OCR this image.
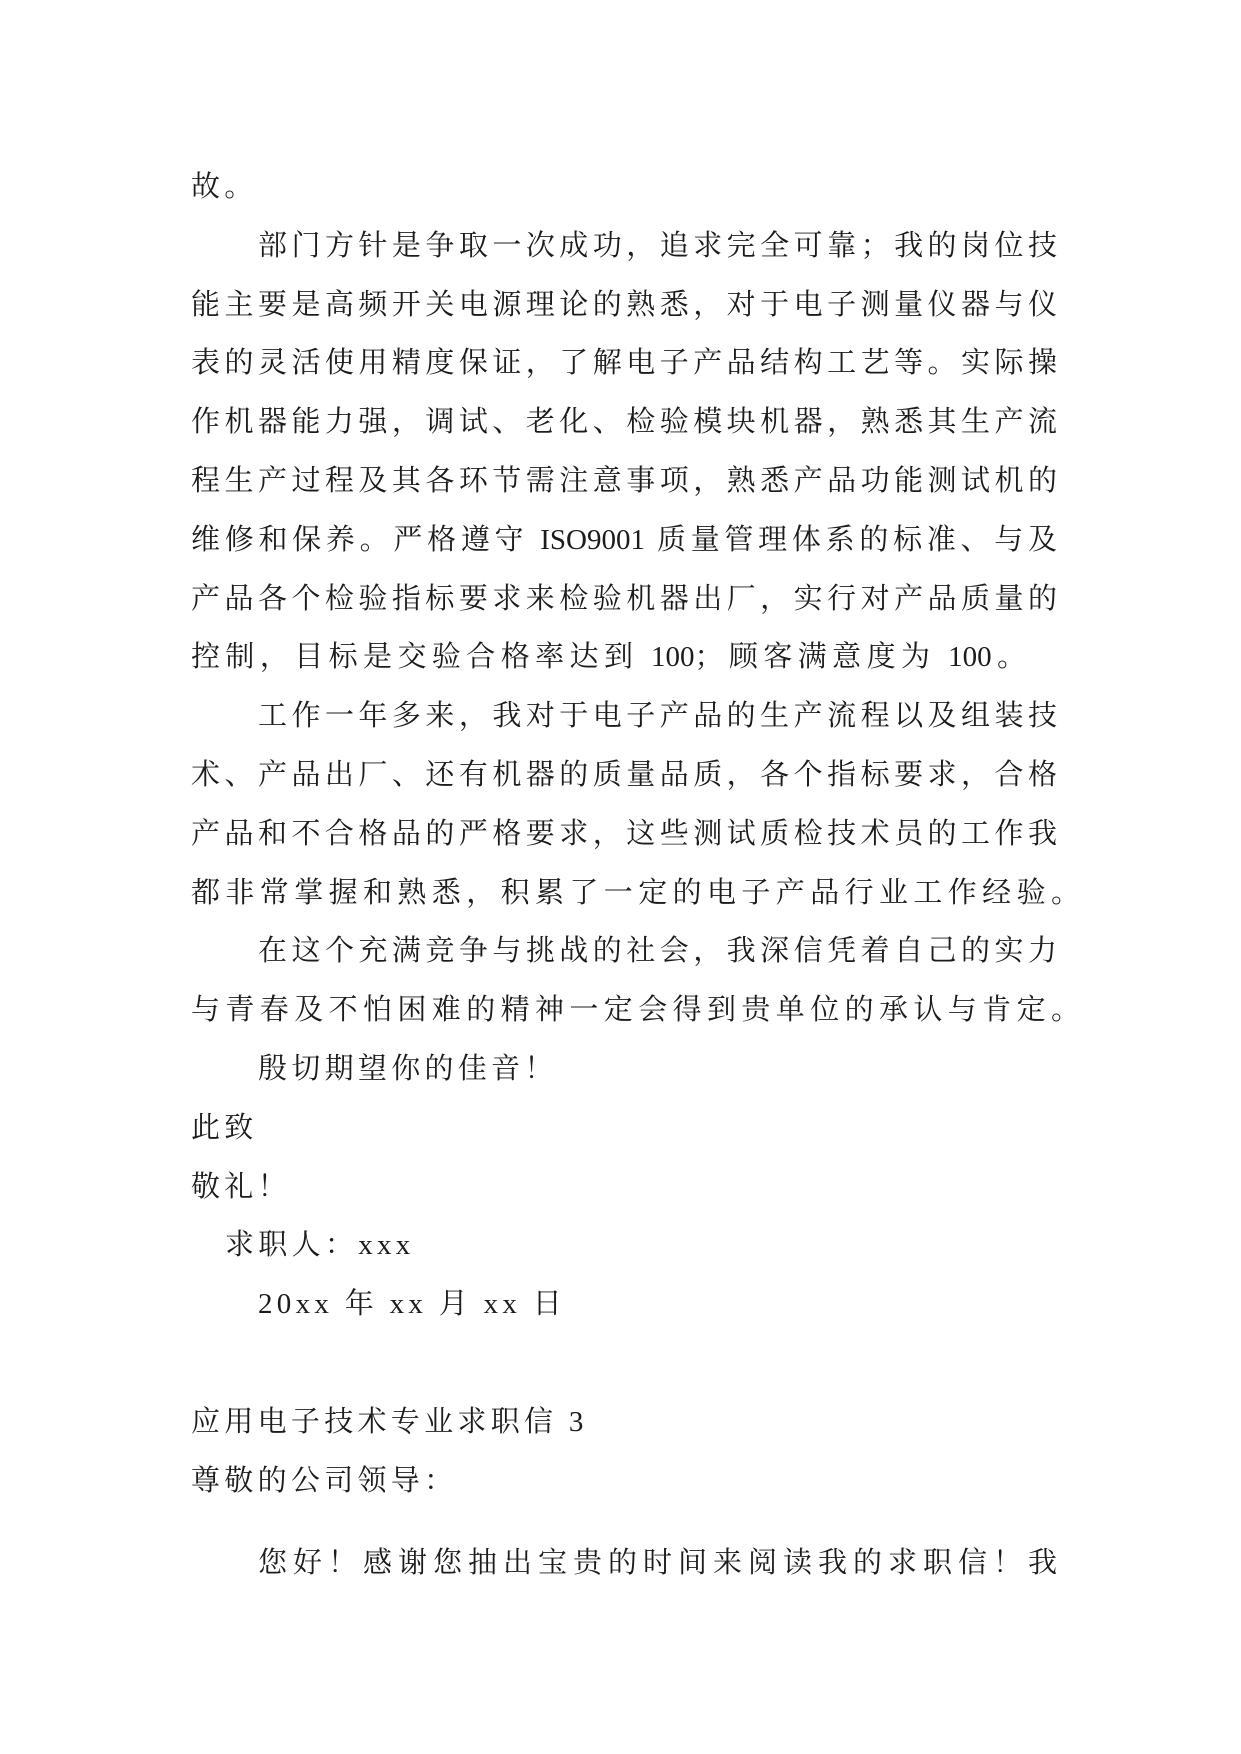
故。
部门方针是争取一次成功，追求完全可靠；我的岗位技
能主要是高频开关电源理论的熟悉，对于电子测量仪器与仪
表的灵活使用精度保证，了解电子产品结构工艺等。实际操
作机器能力强，调试、老化、检验模块机器，熟悉其生产流
程生产过程及其各环节需注意事项，熟悉产品功能测试机的
维修和保养。严格遵守 ISO9001 质量管理体系的标准、与及
产品各个检验指标要求来检验机器出厂，实行对产品质量的
控制，目标是交验合格率达到 100；顾客满意度为 100。
工作一年多来，我对于电子产品的生产流程以及组装技
术、产品出厂、还有机器的质量品质，各个指标要求，合格
产品和不合格品的严格要求，这些测试质检技术员的工作我
都非常掌握和熟悉，积累了一定的电子产品行业工作经验。
在这个充满竞争与挑战的社会，我深信凭着自己的实力
与青春及不怕困难的精神一定会得到贵单位的承认与肯定。
殷切期望你的佳音！
此致
敬礼！
求职人：xxx
20xx 年 xx 月 xx 日
应用电子技术专业求职信 3
尊敬的公司领导：
您好！感谢您抽出宝贵的时间来阅读我的求职信！我
